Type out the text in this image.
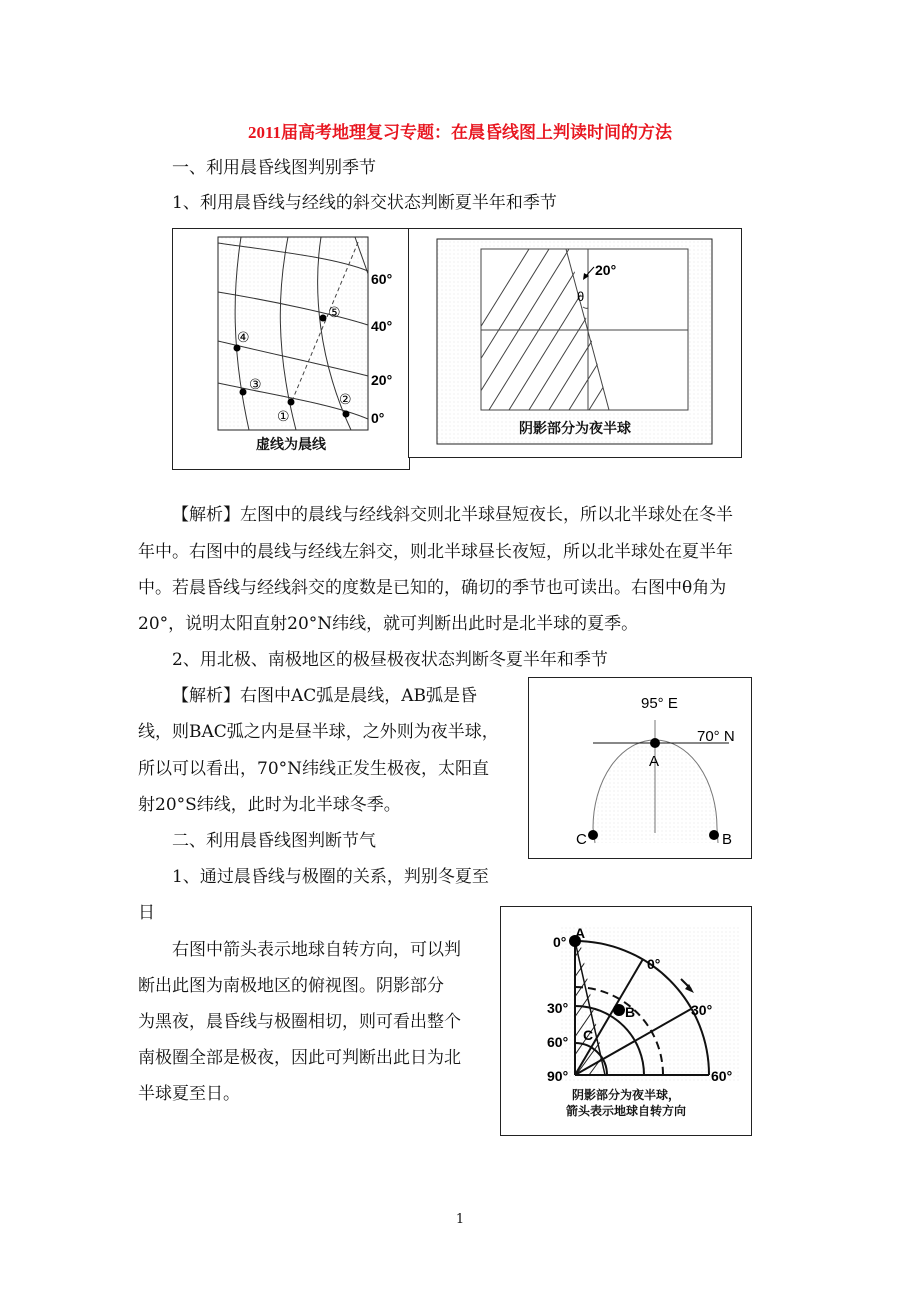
2011届高考地理复习专题：在晨昏线图上判读时间的方法
一、利用晨昏线图判别季节
1、利用晨昏线与经线的斜交状态判断夏半年和季节
①
②
③
④
⑤
60°
40°
20°
0°
虚线为晨线
20°
θ
阴影部分为夜半球
【解析】左图中的晨线与经线斜交则北半球昼短夜长，所以北半球处在冬半
年中。右图中的晨线与经线左斜交，则北半球昼长夜短，所以北半球处在夏半年
中。若晨昏线与经线斜交的度数是已知的，确切的季节也可读出。右图中θ角为
20°，说明太阳直射20°N纬线，就可判断出此时是北半球的夏季。
2、用北极、南极地区的极昼极夜状态判断冬夏半年和季节
【解析】右图中AC弧是晨线，AB弧是昏
线，则BAC弧之内是昼半球，之外则为夜半球，
所以可以看出，70°N纬线正发生极夜，太阳直
射20°S纬线，此时为北半球冬季。
95° E
70° N
A
B
C
二、利用晨昏线图判断节气
1、通过晨昏线与极圈的关系，判别冬夏至
日
右图中箭头表示地球自转方向，可以判
断出此图为南极地区的俯视图。阴影部分
为黑夜，晨昏线与极圈相切，则可看出整个
南极圈全部是极夜，因此可判断出此日为北
半球夏至日。
A
B
C
0°
30°
60°
90°
0°
30°
60°
阴影部分为夜半球，
箭头表示地球自转方向
1
